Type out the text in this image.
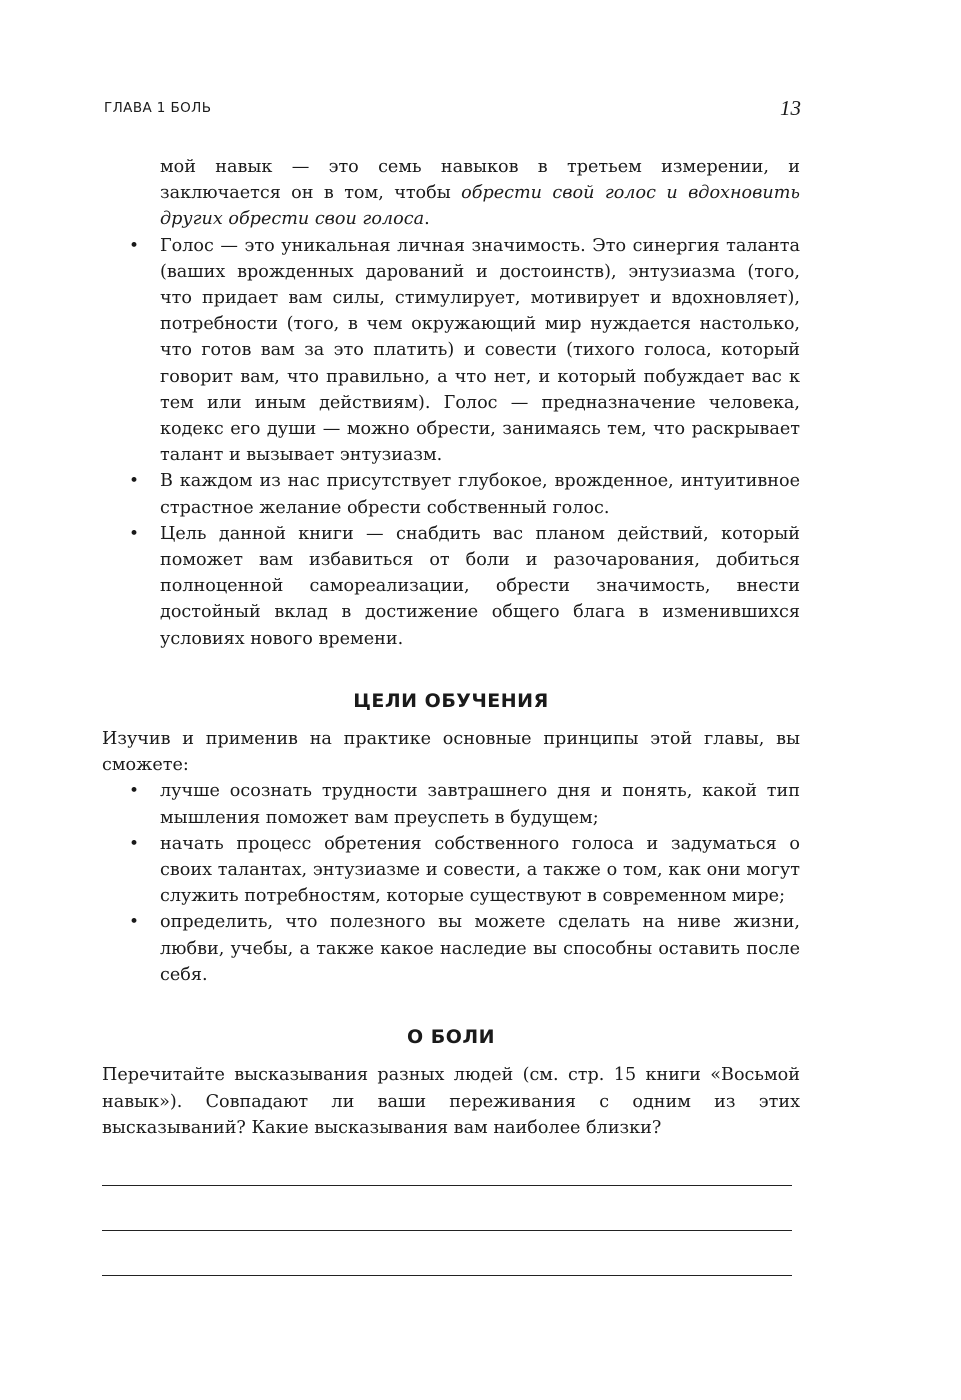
ГЛАВА 1 БОЛЬ	13

мой навык — это семь навыков в третьем измерении, и заключается он в том, чтобы обрести свой голос и вдохновить других обрести свои голоса.

• Голос — это уникальная личная значимость. Это синергия таланта (ваших врожденных дарований и достоинств), энтузиазма (того, что придает вам силы, стимулирует, мотивирует и вдохновляет), потребности (того, в чем окружающий мир нуждается настолько, что готов вам за это платить) и совести (тихого голоса, который говорит вам, что правильно, а что нет, и который побуждает вас к тем или иным действиям). Голос — предназначение человека, кодекс его души — можно обрести, занимаясь тем, что раскрывает талант и вызывает энтузиазм.
• В каждом из нас присутствует глубокое, врожденное, интуитивное страстное желание обрести собственный голос.
• Цель данной книги — снабдить вас планом действий, который поможет вам избавиться от боли и разочарования, добиться полноценной самореализации, обрести значимость, внести достойный вклад в достижение общего блага в изменившихся условиях нового времени.
ЦЕЛИ ОБУЧЕНИЯ

Изучив и применив на практике основные принципы этой главы, вы сможете:

• лучше осознать трудности завтрашнего дня и понять, какой тип мышления поможет вам преуспеть в будущем;
• начать процесс обретения собственного голоса и задуматься о своих талантах, энтузиазме и совести, а также о том, как они могут служить потребностям, которые существуют в современном мире;
• определить, что полезного вы можете сделать на ниве жизни, любви, учебы, а также какое наследие вы способны оставить после себя.
О БОЛИ

Перечитайте высказывания разных людей (см. стр. 15 книги «Восьмой навык»). Совпадают ли ваши переживания с одним из этих высказываний? Какие высказывания вам наиболее близки?
